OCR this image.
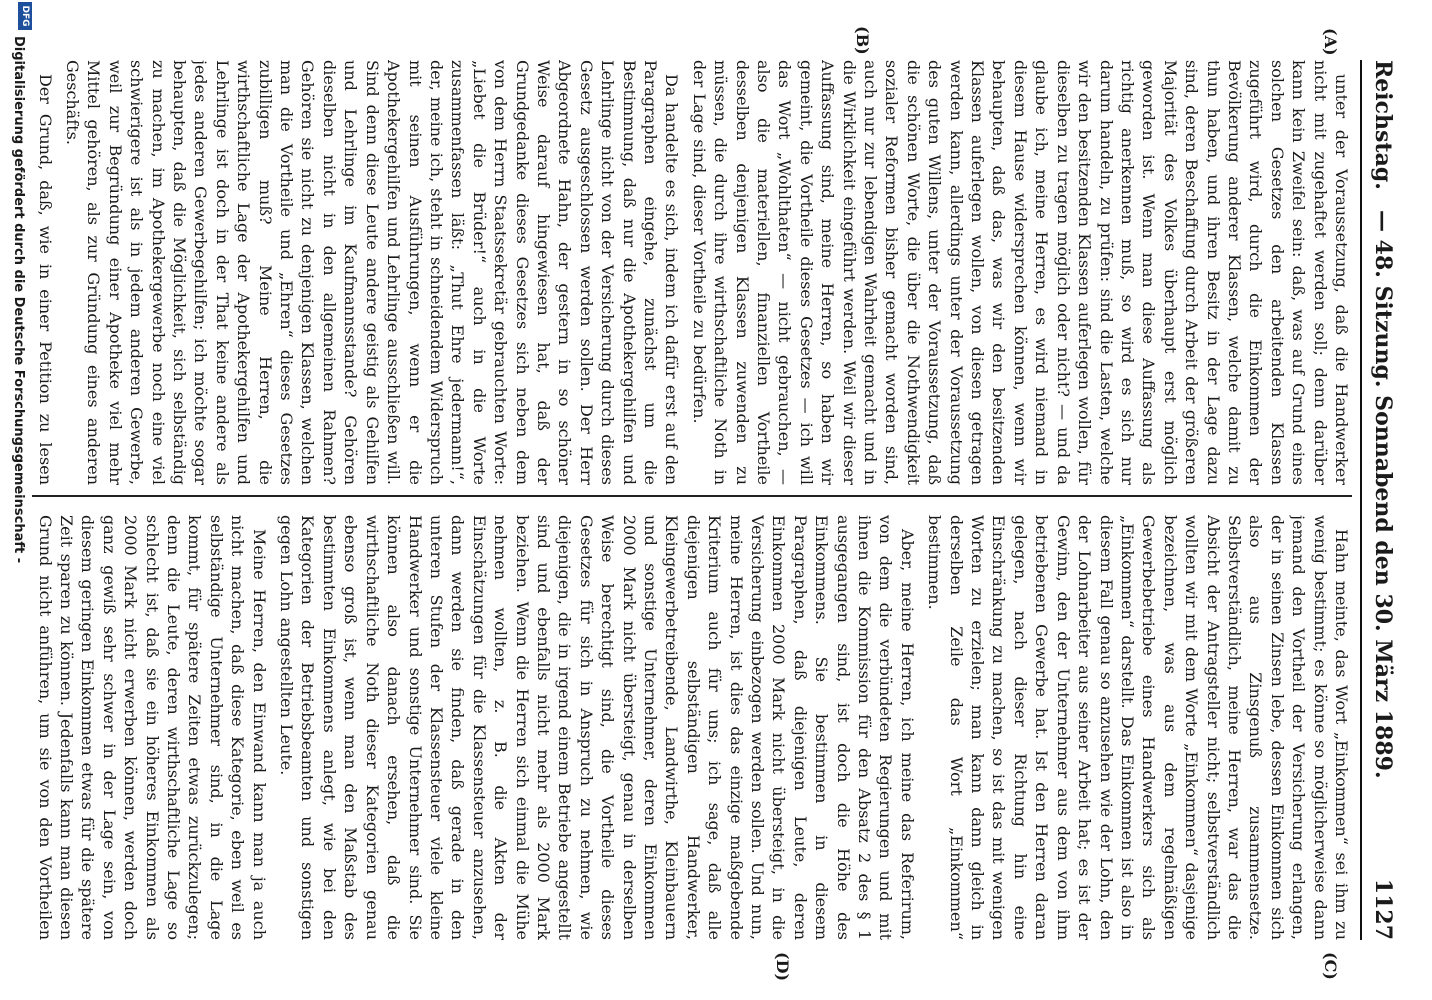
Reichstag.
— 48. Sitzung. Sonnabend den 30. März 1889.
1127
(A)
(B)
(C)
(D)

unter der Voraussetzung, daß die Handwerker nicht mit zugehaftet werden soll; denn darüber kann kein Zweifel sein: daß, was auf Grund eines solchen Gesetzes den arbeitenden Klassen zugeführt wird, durch die Einkommen der Bevölkerung anderer Klassen, welche damit zu thun haben, und ihren Besitz in der Lage dazu sind, deren Beschaffung durch Arbeit der größeren Majorität des Volkes überhaupt erst möglich geworden ist. Wenn man diese Auffassung als richtig anerkennen muß, so wird es sich nur darum handeln, zu prüfen: sind die Lasten, welche wir den besitzenden Klassen auferlegen wollen, für dieselben zu tragen möglich oder nicht? — und da glaube ich, meine Herren, es wird niemand in diesem Hause widersprechen können, wenn wir behaupten, daß das, was wir den besitzenden Klassen auferlegen wollen, von diesen getragen werden kann, allerdings unter der Voraussetzung des guten Willens, unter der Voraussetzung, daß die schönen Worte, die über die Nothwendigkeit sozialer Reformen bisher gemacht worden sind, auch nur zur lebendigen Wahrheit gemacht und in die Wirklichkeit eingeführt werden. Weil wir dieser Auffassung sind, meine Herren, so haben wir gemeint, die Vortheile dieses Gesetzes — ich will das Wort „Wohlthaten“ — nicht gebrauchen, — also die materiellen, finanziellen Vortheile desselben denjenigen Klassen zuwenden zu müssen, die durch ihre wirthschaftliche Noth in der Lage sind, dieser Vortheile zu bedürfen.

Da handelte es sich, indem ich dafür erst auf den Paragraphen eingehe, zunächst um die Bestimmung, daß nur die Apothekergehilfen und Lehrlinge nicht von der Versicherung durch dieses Gesetz ausgeschlossen werden sollen. Der Herr Abgeordnete Hahn, der gestern in so schöner Weise darauf hingewiesen hat, daß der Grundgedanke dieses Gesetzes sich neben dem von dem Herrn Staatssekretär gebrauchten Worte: „Liebet die Brüder!“ auch in die Worte zusammenfassen läßt: „Thut Ehre jedermann!“, der, meine ich, steht in schneidendem Widerspruch mit seinen Ausführungen, wenn er die Apothekergehilfen und Lehrlinge ausschließen will. Sind denn diese Leute andere geistig als Gehilfen und Lehrlinge im Kaufmannsstande? Gehören dieselben nicht in den allgemeinen Rahmen? Gehören sie nicht zu denjenigen Klassen, welchen man die Vortheile und „Ehren“ dieses Gesetzes zubilligen muß? Meine Herren, die wirthschaftliche Lage der Apothekergehilfen und Lehrlinge ist doch in der That keine andere als jedes anderen Gewerbegehilfen; ich möchte sogar behaupten, daß die Möglichkeit, sich selbständig zu machen, im Apothekergewerbe noch eine viel schwierigere ist als in jedem anderen Gewerbe, weil zur Begründung einer Apotheke viel mehr Mittel gehören, als zur Gründung eines anderen Geschäfts.

Der Grund, daß, wie in einer Petition zu lesen

Hahn meinte, das Wort „Einkommen“ sei ihm zu wenig bestimmt; es könne so möglicherweise dann jemand den Vortheil der Versicherung erlangen, der in seinen Zinsen lebe, dessen Einkommen sich also aus Zinsgenuß zusammensetze. Selbstverständlich, meine Herren, war das die Absicht der Antragsteller nicht; selbstverständlich wollten wir mit dem Worte „Einkommen“ dasjenige bezeichnen, was aus dem regelmäßigen Gewerbebetriebe eines Handwerkers sich als „Einkommen“ darstellt. Das Einkommen ist also in diesem Fall genau so anzusehen wie der Lohn, den der Lohnarbeiter aus seiner Arbeit hat; es ist der Gewinn, den der Unternehmer aus dem von ihm betriebenen Gewerbe hat. Ist den Herren daran gelegen, nach dieser Richtung hin eine Einschränkung zu machen, so ist das mit wenigen Worten zu erzielen; man kann dann gleich in derselben Zeile das Wort „Einkommen“ bestimmen.

Aber, meine Herren, ich meine das Referirum, von dem die verbündeten Regierungen und mit ihnen die Kommission für den Absatz 2 des § 1 ausgegangen sind, ist doch die Höhe des Einkommens. Sie bestimmen in diesem Paragraphen, daß diejenigen Leute, deren Einkommen 2000 Mark nicht übersteigt, in die Versicherung einbezogen werden sollen. Und nun, meine Herren, ist dies das einzige maßgebende Kriterium auch für uns; ich sage, daß alle diejenigen selbständigen Handwerker, Kleingewerbetreibende, Landwirthe, Kleinbauern und sonstige Unternehmer, deren Einkommen 2000 Mark nicht übersteigt, genau in derselben Weise berechtigt sind, die Vortheile dieses Gesetzes für sich in Anspruch zu nehmen, wie diejenigen, die in irgend einem Betriebe angestellt sind und ebenfalls nicht mehr als 2000 Mark beziehen. Wenn die Herren sich einmal die Mühe nehmen wollten, z. B. die Akten der Einschätzungen für die Klassensteuer anzusehen, dann werden sie finden, daß gerade in den unteren Stufen der Klassensteuer viele kleine Handwerker und sonstige Unternehmer sind. Sie können also danach ersehen, daß die wirthschaftliche Noth dieser Kategorien genau ebenso groß ist, wenn man den Maßstab des bestimmten Einkommens anlegt, wie bei den Kategorien der Betriebsbeamten und sonstigen gegen Lohn angestellten Leute.

Meine Herren, den Einwand kann man ja auch nicht machen, daß diese Kategorie, eben weil es selbständige Unternehmer sind, in die Lage kommt, für spätere Zeiten etwas zurückzulegen; denn die Leute, deren wirthschaftliche Lage so schlecht ist, daß sie ein höheres Einkommen als 2000 Mark nicht erwerben können, werden doch ganz gewiß sehr schwer in der Lage sein, von diesem geringen Einkommen etwas für die spätere Zeit sparen zu können. Jedenfalls kann man diesen Grund nicht anführen, um sie von den Vortheilen

DFG
Digitalisierung gefördert durch die Deutsche Forschungsgemeinschaft -
